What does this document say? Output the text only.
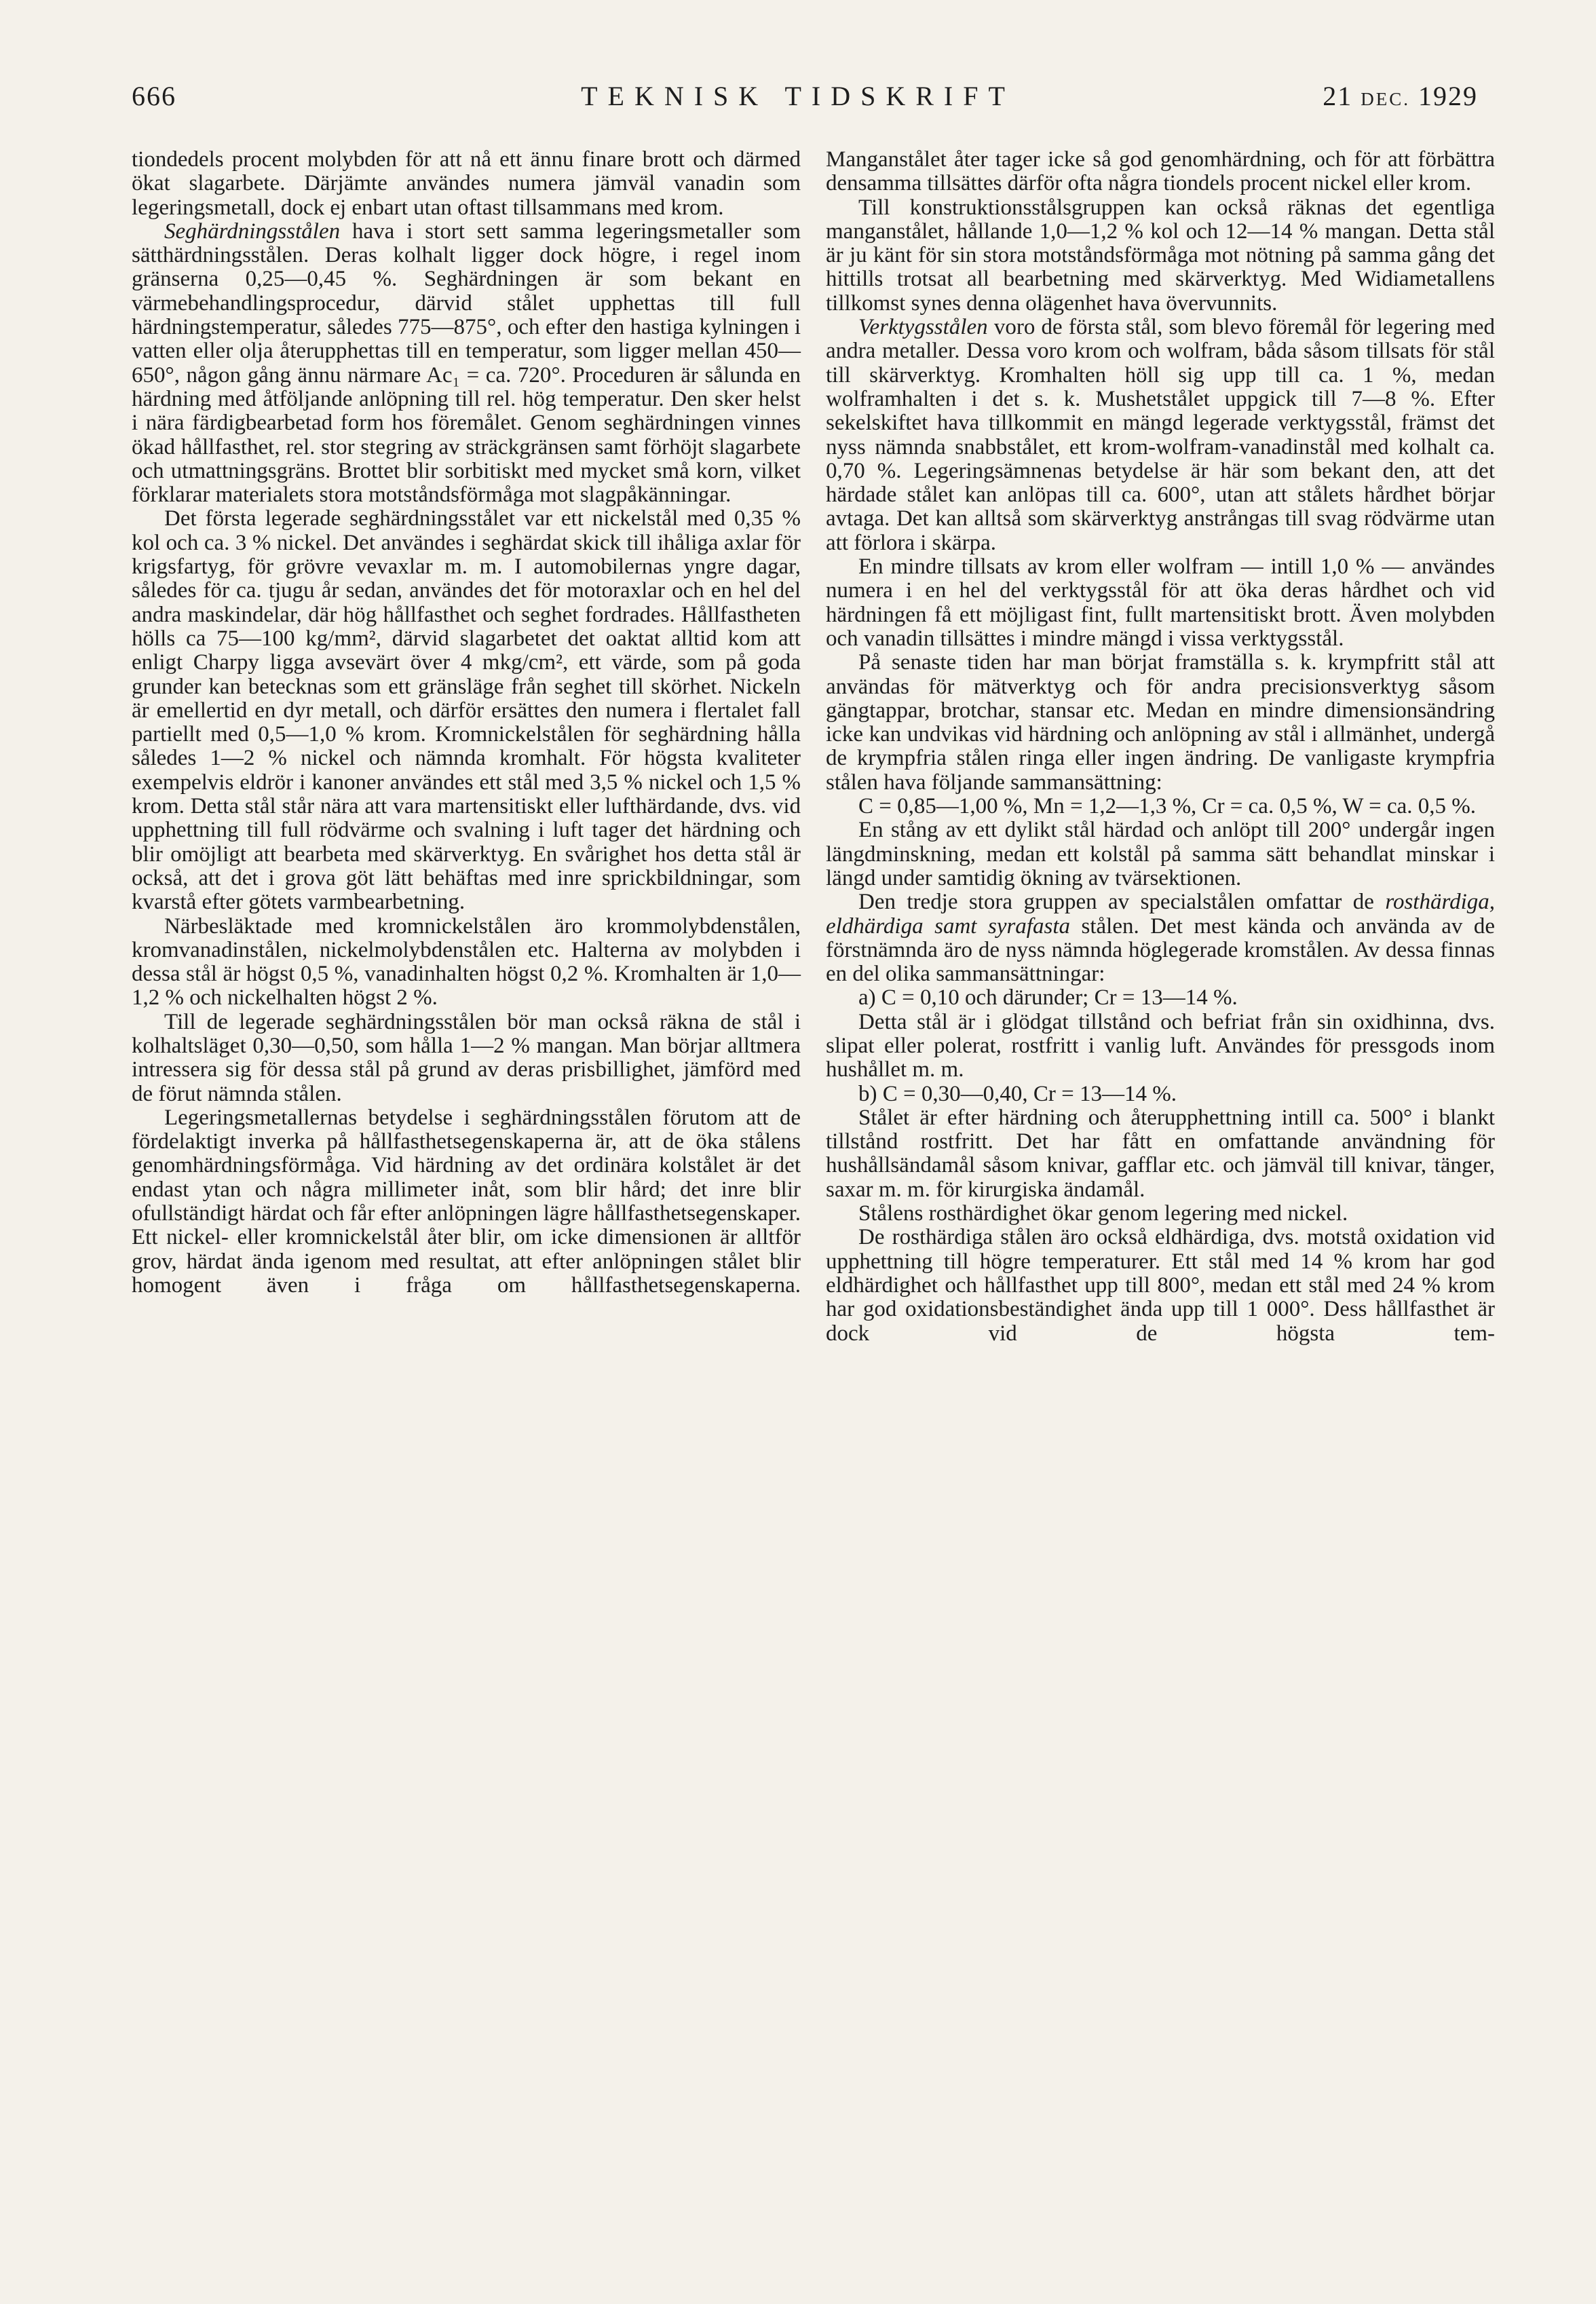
666	TEKNISK TIDSKRIFT	21 DEC. 1929

tiondedels procent molybden för att nå ett ännu finare brott och därmed ökat slagarbete. Därjämte användes numera jämväl vanadin som legeringsmetall, dock ej enbart utan oftast tillsammans med krom.

Seghärdningsstålen hava i stort sett samma legeringsmetaller som sätthärdningsstålen. Deras kolhalt ligger dock högre, i regel inom gränserna 0,25—0,45 %. Seghärdningen är som bekant en värmebehandlingsprocedur, därvid stålet upphettas till full härdningstemperatur, således 775—875°, och efter den hastiga kylningen i vatten eller olja återupphettas till en temperatur, som ligger mellan 450—650°, någon gång ännu närmare Ac₁ = ca. 720°. Proceduren är sålunda en härdning med åtföljande anlöpning till rel. hög temperatur. Den sker helst i nära färdigbearbetad form hos föremålet. Genom seghärdningen vinnes ökad hållfasthet, rel. stor stegring av sträckgränsen samt förhöjt slagarbete och utmattningsgräns. Brottet blir sorbitiskt med mycket små korn, vilket förklarar materialets stora motståndsförmåga mot slagpåkänningar.

Det första legerade seghärdningsstålet var ett nickelstål med 0,35 % kol och ca. 3 % nickel. Det användes i seghärdat skick till ihåliga axlar för krigsfartyg, för grövre vevaxlar m. m. I automobilernas yngre dagar, således för ca. tjugu år sedan, användes det för motoraxlar och en hel del andra maskindelar, där hög hållfasthet och seghet fordrades. Hållfastheten hölls ca 75—100 kg/mm², därvid slagarbetet det oaktat alltid kom att enligt Charpy ligga avsevärt över 4 mkg/cm², ett värde, som på goda grunder kan betecknas som ett gränsläge från seghet till skörhet. Nickeln är emellertid en dyr metall, och därför ersättes den numera i flertalet fall partiellt med 0,5—1,0 % krom. Kromnickelstålen för seghärdning hålla således 1—2 % nickel och nämnda kromhalt. För högsta kvaliteter exempelvis eldrör i kanoner användes ett stål med 3,5 % nickel och 1,5 % krom. Detta stål står nära att vara martensitiskt eller lufthärdande, dvs. vid upphettning till full rödvärme och svalning i luft tager det härdning och blir omöjligt att bearbeta med skärverktyg. En svårighet hos detta stål är också, att det i grova göt lätt behäftas med inre sprickbildningar, som kvarstå efter götets varmbearbetning.

Närbesläktade med kromnickelstålen äro krommolybdenstålen, kromvanadinstålen, nickelmolybdenstålen etc. Halterna av molybden i dessa stål är högst 0,5 %, vanadinhalten högst 0,2 %. Kromhalten är 1,0—1,2 % och nickelhalten högst 2 %.

Till de legerade seghärdningsstålen bör man också räkna de stål i kolhaltsläget 0,30—0,50, som hålla 1—2 % mangan. Man börjar alltmera intressera sig för dessa stål på grund av deras prisbillighet, jämförd med de förut nämnda stålen.

Legeringsmetallernas betydelse i seghärdningsstålen förutom att de fördelaktigt inverka på hållfasthetsegenskaperna är, att de öka stålens genomhärdningsförmåga. Vid härdning av det ordinära kolstålet är det endast ytan och några millimeter inåt, som blir hård; det inre blir ofullständigt härdat och får efter anlöpningen lägre hållfasthetsegenskaper. Ett nickel- eller kromnickelstål åter blir, om icke dimensionen är alltför grov, härdat ända igenom med resultat, att efter anlöpningen stålet blir homogent även i fråga om hållfasthetsegenskaperna.

Manganstålet åter tager icke så god genomhärdning, och för att förbättra densamma tillsättes därför ofta några tiondels procent nickel eller krom.

Till konstruktionsstålsgruppen kan också räknas det egentliga manganstålet, hållande 1,0—1,2 % kol och 12—14 % mangan. Detta stål är ju känt för sin stora motståndsförmåga mot nötning på samma gång det hittills trotsat all bearbetning med skärverktyg. Med Widiametallens tillkomst synes denna olägenhet hava övervunnits.

Verktygsstålen voro de första stål, som blevo föremål för legering med andra metaller. Dessa voro krom och wolfram, båda såsom tillsats för stål till skärverktyg. Kromhalten höll sig upp till ca. 1 %, medan wolframhalten i det s. k. Mushetstålet uppgick till 7—8 %. Efter sekelskiftet hava tillkommit en mängd legerade verktygsstål, främst det nyss nämnda snabbstålet, ett krom-wolfram-vanadinstål med kolhalt ca. 0,70 %. Legeringsämnenas betydelse är här som bekant den, att det härdade stålet kan anlöpas till ca. 600°, utan att stålets hårdhet börjar avtaga. Det kan alltså som skärverktyg anstrångas till svag rödvärme utan att förlora i skärpa.

En mindre tillsats av krom eller wolfram — intill 1,0 % — användes numera i en hel del verktygsstål för att öka deras hårdhet och vid härdningen få ett möjligast fint, fullt martensitiskt brott. Även molybden och vanadin tillsättes i mindre mängd i vissa verktygsstål.

På senaste tiden har man börjat framställa s. k. krympfritt stål att användas för mätverktyg och för andra precisionsverktyg såsom gängtappar, brotchar, stansar etc. Medan en mindre dimensionsändring icke kan undvikas vid härdning och anlöpning av stål i allmänhet, undergå de krympfria stålen ringa eller ingen ändring. De vanligaste krympfria stålen hava följande sammansättning:

C = 0,85—1,00 %, Mn = 1,2—1,3 %, Cr = ca. 0,5 %, W = ca. 0,5 %.

En stång av ett dylikt stål härdad och anlöpt till 200° undergår ingen längdminskning, medan ett kolstål på samma sätt behandlat minskar i längd under samtidig ökning av tvärsektionen.

Den tredje stora gruppen av specialstålen omfattar de rosthärdiga, eldhärdiga samt syrafasta stålen. Det mest kända och använda av de förstnämnda äro de nyss nämnda höglegerade kromstålen. Av dessa finnas en del olika sammansättningar:

a) C = 0,10 och därunder; Cr = 13—14 %.

Detta stål är i glödgat tillstånd och befriat från sin oxidhinna, dvs. slipat eller polerat, rostfritt i vanlig luft. Användes för pressgods inom hushållet m. m.

b) C = 0,30—0,40, Cr = 13—14 %.

Stålet är efter härdning och återupphettning intill ca. 500° i blankt tillstånd rostfritt. Det har fått en omfattande användning för hushållsändamål såsom knivar, gafflar etc. och jämväl till knivar, tänger, saxar m. m. för kirurgiska ändamål.

Stålens rosthärdighet ökar genom legering med nickel.

De rosthärdiga stålen äro också eldhärdiga, dvs. motstå oxidation vid upphettning till högre temperaturer. Ett stål med 14 % krom har god eldhärdighet och hållfasthet upp till 800°, medan ett stål med 24 % krom har god oxidationsbeständighet ända upp till 1 000°. Dess hållfasthet är dock vid de högsta tem-
